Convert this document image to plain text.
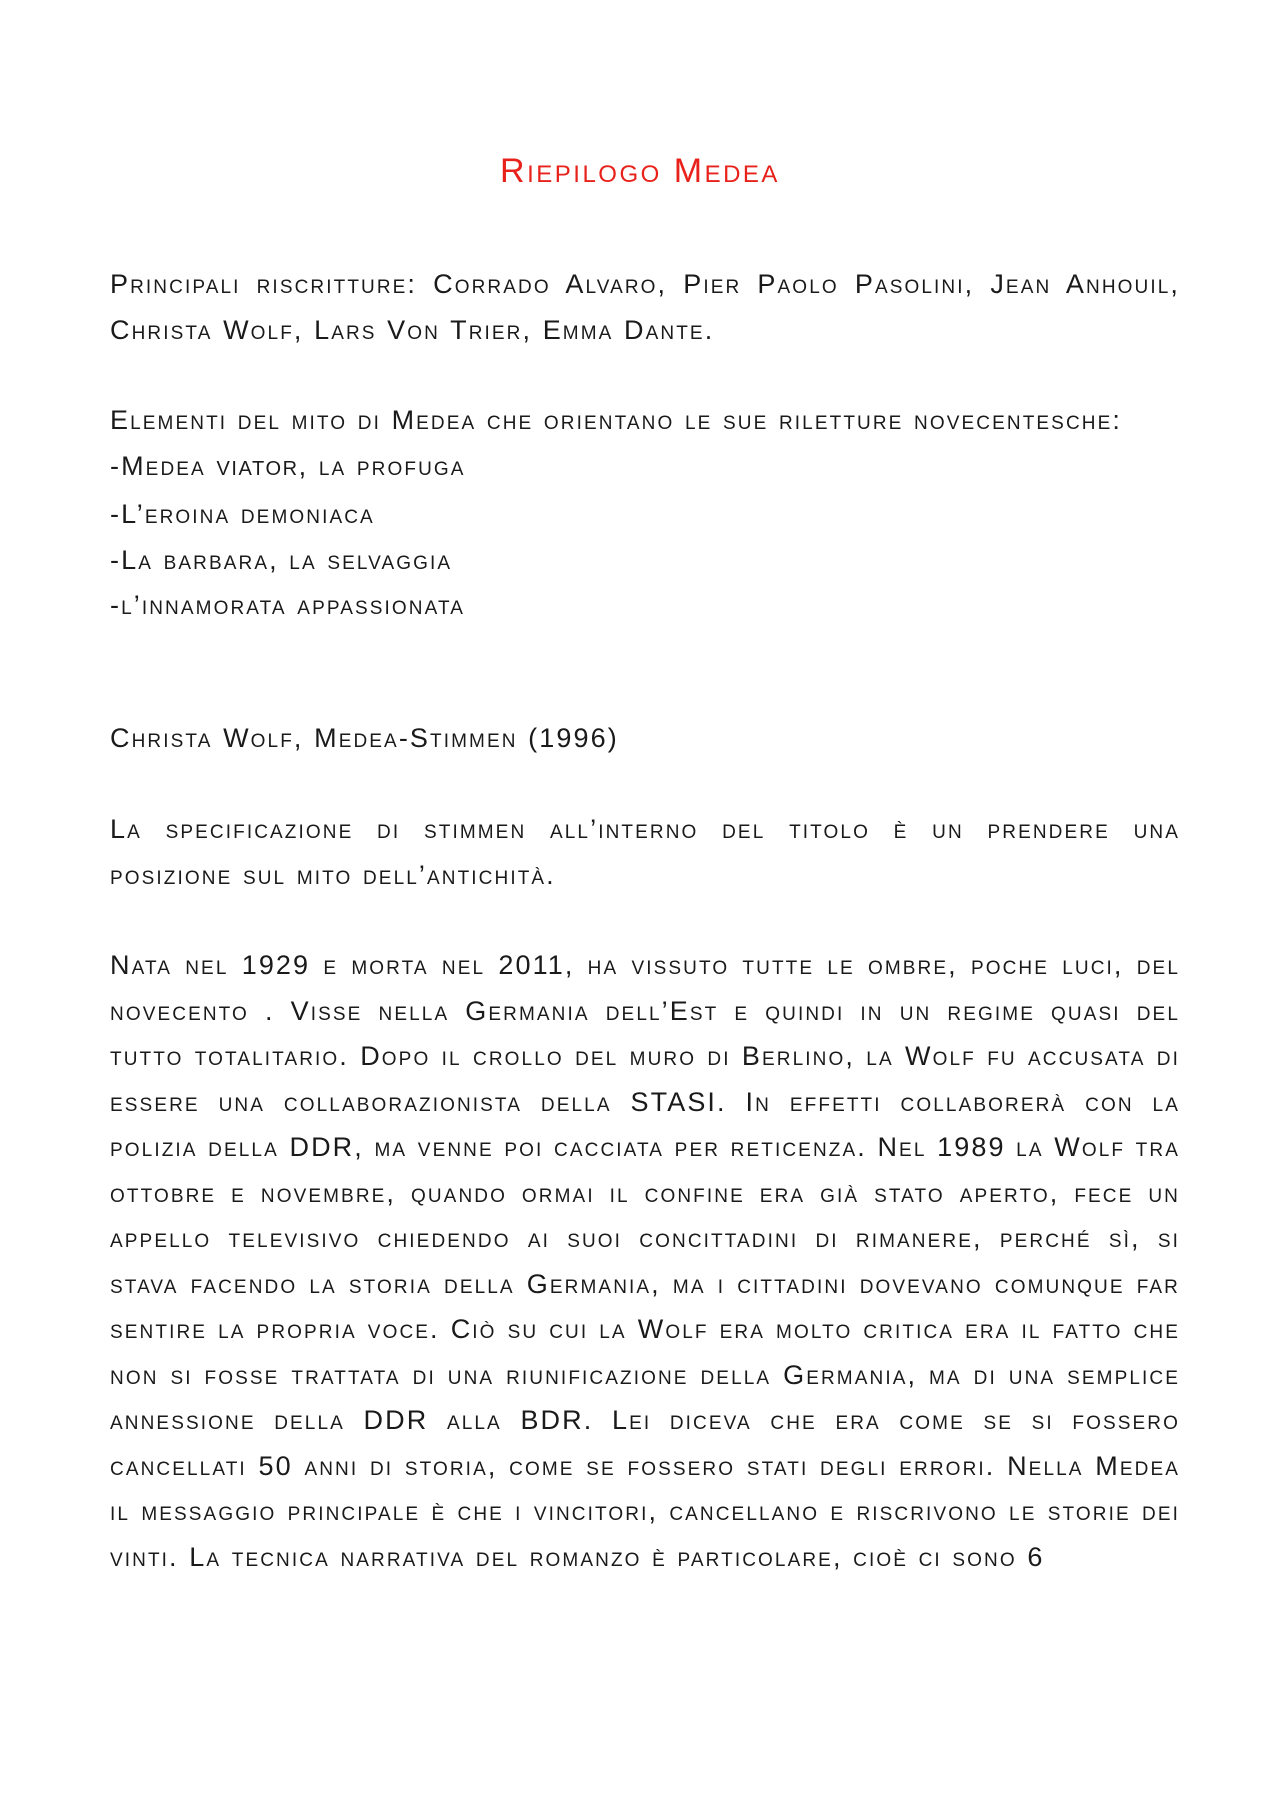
Riepilogo Medea
Principali riscritture: Corrado Alvaro, Pier Paolo Pasolini, Jean Anhouil, Christa Wolf, Lars Von Trier, Emma Dante.
Elementi del mito di Medea che orientano le sue riletture novecentesche:
-Medea VIATOR, la profuga
-L’eroina demoniaca
-La barbara, la selvaggia
-l’innamorata appassionata
Christa Wolf, Medea-Stimmen (1996)
La specificazione di stimmen all’interno del titolo è un prendere una posizione sul mito dell’antichità.
Nata nel 1929 e morta nel 2011, ha vissuto tutte le ombre, poche luci, del novecento . Visse nella Germania dell’Est e quindi in un regime quasi del tutto totalitario. Dopo il crollo del muro di Berlino, la Wolf fu accusata di essere una collaborazionista della STASI. In effetti collaborerà con la polizia della DDR, ma venne poi cacciata per reticenza. Nel 1989 la Wolf tra ottobre e novembre, quando ormai il confine era già stato aperto, fece un appello televisivo chiedendo ai suoi concittadini di rimanere, perché sì, si stava facendo la storia della Germania, ma i cittadini dovevano comunque far sentire la propria voce. Ciò su cui la Wolf era molto critica era il fatto che non si fosse trattata di una riunificazione della Germania, ma di una semplice annessione della DDR alla BDR. Lei diceva che era come se si fossero cancellati 50 anni di storia, come se fossero stati degli errori. Nella Medea il messaggio principale è che i vincitori, cancellano e riscrivono le storie dei vinti. La tecnica narrativa del romanzo è particolare, cioè ci sono 6
